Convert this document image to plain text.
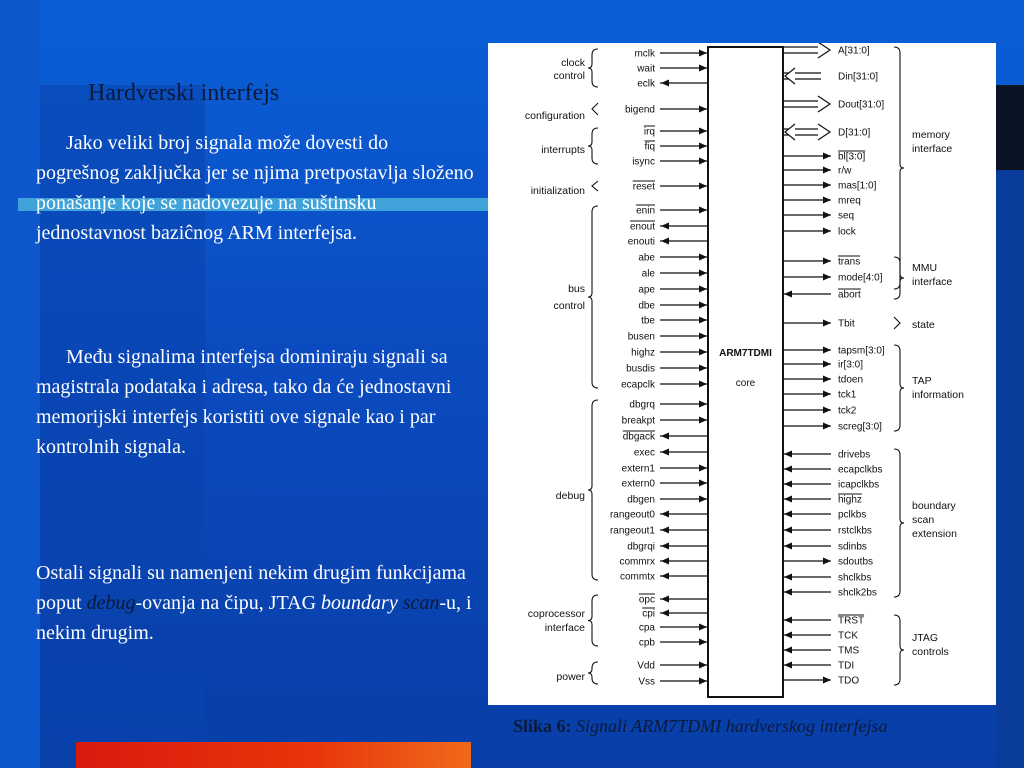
Hardverski interfejs

Jako veliki broj signala može dovesti do pogrešnog zaključka jer se njima pretpostavlja složeno ponašanje koje se nadovezuje na suštinsku jednostavnost baziĉnog ARM interfejsa.

Među signalima interfejsa dominiraju signali sa magistrala podataka i adresa, tako da će jednostavni memorijski interfejs koristiti ove signale kao i par kontrolnih signala.

Ostali signali su namenjeni nekim drugim funkcijama poput debug-ovanja na čipu, JTAG boundary scan-u, i nekim drugim.

ARM7TDMI
core
mclk
wait
eclk
bigend
irq
fiq
isync
reset
enin
enout
enouti
abe
ale
ape
dbe
tbe
busen
highz
busdis
ecapclk
dbgrq
breakpt
dbgack
exec
extern1
extern0
dbgen
rangeout0
rangeout1
dbgrqi
commrx
commtx
opc
cpi
cpa
cpb
Vdd
Vss
A[31:0]
Din[31:0]
Dout[31:0]
D[31:0]
bl[3:0]
r/w
mas[1:0]
mreq
seq
lock
trans
mode[4:0]
abort
Tbit
tapsm[3:0]
ir[3:0]
tdoen
tck1
tck2
screg[3:0]
drivebs
ecapclkbs
icapclkbs
highz
pclkbs
rstclkbs
sdinbs
sdoutbs
shclkbs
shclk2bs
TRST
TCK
TMS
TDI
TDO
clock
control
configuration
interrupts
initialization
bus
control
debug
coprocessor
interface
power
memory
interface
MMU
interface
state
TAP
information
boundary
scan
extension
JTAG
controls
Slika 6: Signali ARM7TDMI hardverskog interfejsa
